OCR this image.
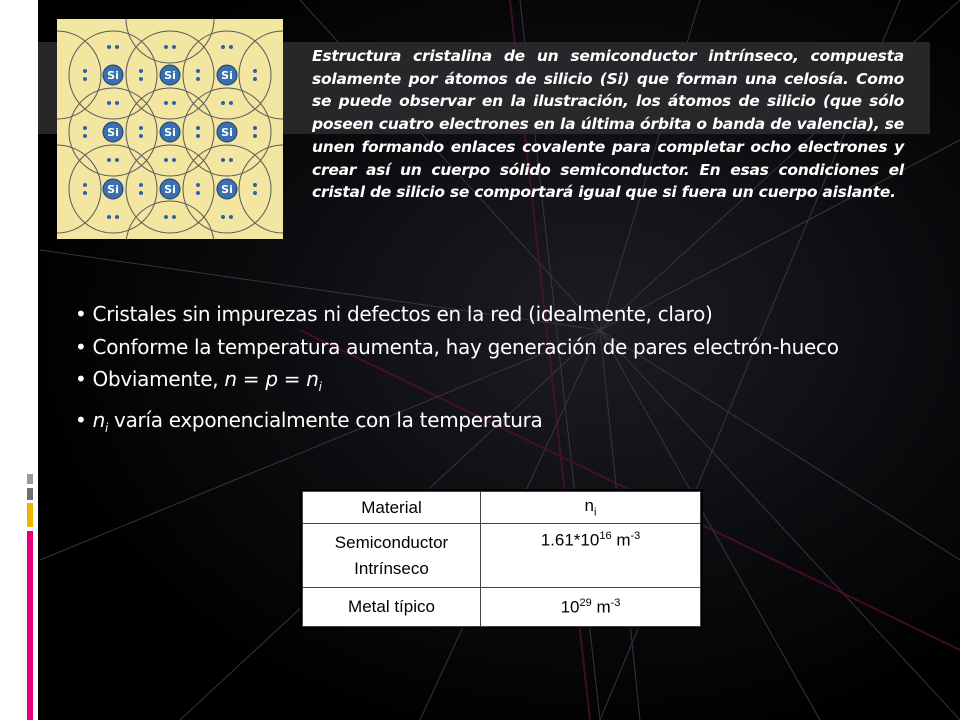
Si	Si	Si
Si	Si	Si
Si	Si	Si
Estructura cristalina de un semiconductor intrínseco, compuesta solamente por átomos de silicio (Si) que forman una celosía. Como se puede observar en la ilustración, los átomos de silicio (que sólo poseen cuatro electrones en la última órbita o banda de valencia), se unen formando enlaces covalente para completar ocho electrones y crear así un cuerpo sólido semiconductor. En esas condiciones el cristal de silicio se comportará igual que si fuera un cuerpo aislante.
• Cristales sin impurezas ni defectos en la red (idealmente, claro)
• Conforme la temperatura aumenta, hay generación de pares electrón-hueco
• Obviamente, $n = p = n_i$
• $n_i$ varía exponencialmente con la temperatura
Material	$n_i$

Semiconductor
Intrínseco	$1.61*10^{16}$ $m^{-3}$
Metal típico	$10^{29}$ $m^{-3}$
